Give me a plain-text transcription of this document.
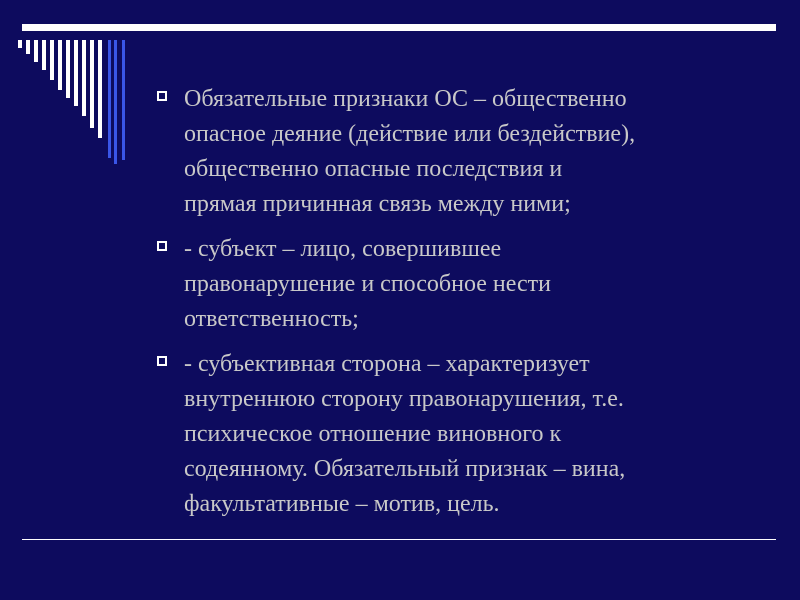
Обязательные признаки ОС – общественно
опасное деяние (действие или бездействие),
общественно опасные последствия и
прямая причинная связь между ними;
- субъект – лицо, совершившее
правонарушение и способное нести
ответственность;
- субъективная сторона – характеризует
внутреннюю сторону правонарушения, т.е.
психическое отношение виновного к
содеянному. Обязательный признак – вина,
факультативные – мотив, цель.
